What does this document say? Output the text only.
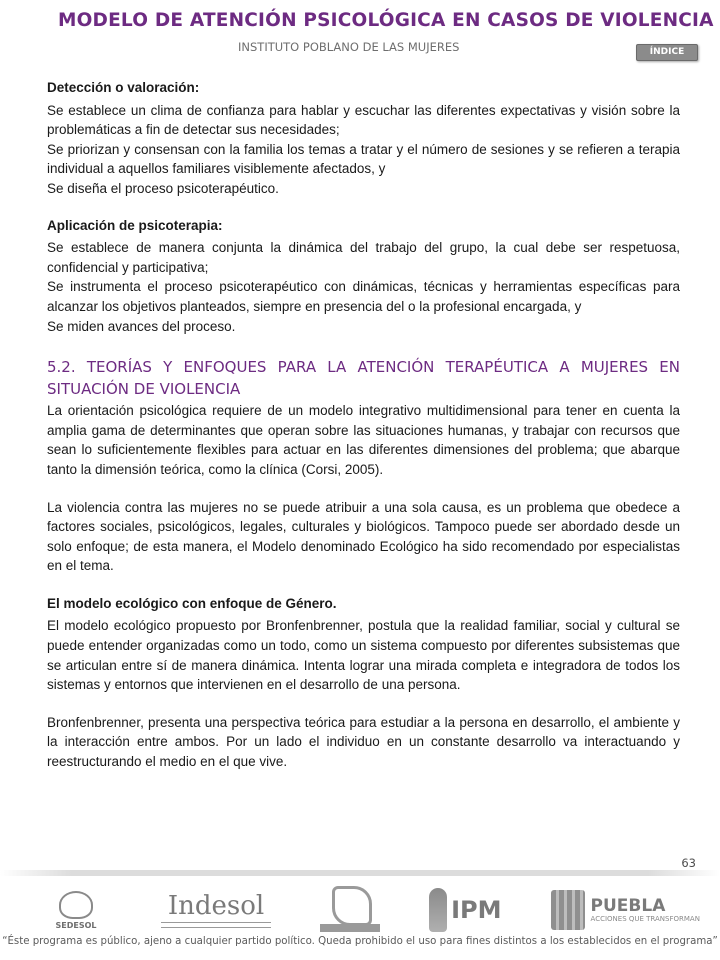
MODELO DE ATENCIÓN PSICOLÓGICA EN CASOS DE VIOLENCIA
INSTITUTO POBLANO DE LAS MUJERES	ÍNDICE

Detección o valoración:

Se establece un clima de confianza para hablar y escuchar las diferentes expectativas y visión sobre la problemáticas a fin de detectar sus necesidades;

Se priorizan y consensan con la familia los temas a tratar y el número de sesiones y se refieren a terapia individual a aquellos familiares visiblemente afectados, y

Se diseña el proceso psicoterapéutico.

Aplicación de psicoterapia:

Se establece de manera conjunta la dinámica del trabajo del grupo, la cual debe ser respetuosa, confidencial y participativa;

Se instrumenta el proceso psicoterapéutico con dinámicas, técnicas y herramientas específicas para alcanzar los objetivos planteados, siempre en presencia del o la profesional encargada, y

Se miden avances del proceso.

5.2. TEORÍAS Y ENFOQUES PARA LA ATENCIÓN TERAPÉUTICA A MUJERES EN SITUACIÓN DE VIOLENCIA

La orientación psicológica requiere de un modelo integrativo multidimensional para tener en cuenta la amplia gama de determinantes que operan sobre las situaciones humanas, y trabajar con recursos que sean lo suficientemente flexibles para actuar en las diferentes dimensiones del problema; que abarque tanto la dimensión teórica, como la clínica (Corsi, 2005).

La violencia contra las mujeres no se puede atribuir a una sola causa, es un problema que obedece a factores sociales, psicológicos, legales, culturales y biológicos. Tampoco puede ser abordado desde un solo enfoque; de esta manera, el Modelo denominado Ecológico ha sido recomendado por especialistas en el tema.

El modelo ecológico con enfoque de Género.

El modelo ecológico propuesto por Bronfenbrenner, postula que la realidad familiar, social y cultural se puede entender organizadas como un todo, como un sistema compuesto por diferentes subsistemas que se articulan entre sí de manera dinámica. Intenta lograr una mirada completa e integradora de todos los sistemas y entornos que intervienen en el desarrollo de una persona.

Bronfenbrenner, presenta una perspectiva teórica para estudiar a la persona en desarrollo, el ambiente y la interacción entre ambos. Por un lado el individuo en un constante desarrollo va interactuando y reestructurando el medio en el que vive.

63
SEDESOL
Indesol	IPM	PUEBLA
ACCIONES QUE TRANSFORMAN
“Éste programa es público, ajeno a cualquier partido político. Queda prohibido el uso para fines distintos a los establecidos en el programa”
